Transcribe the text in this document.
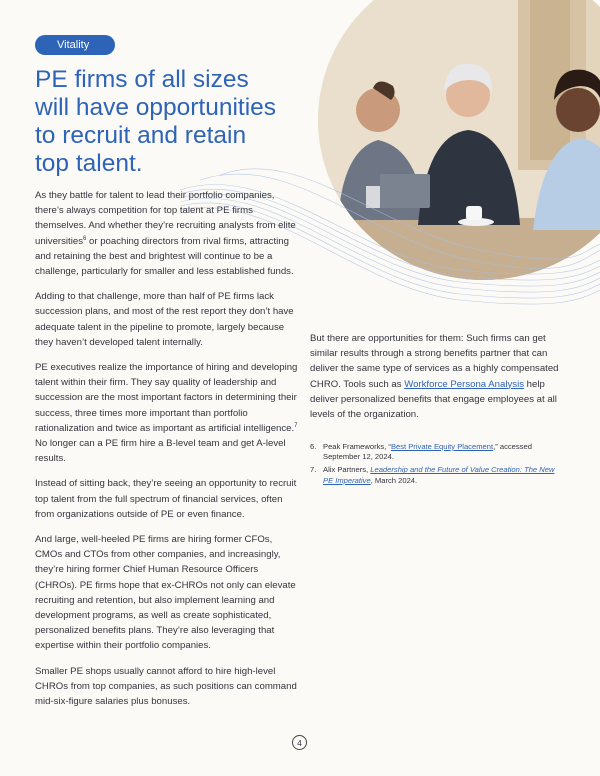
Vitality
PE firms of all sizes
will have opportunities
to recruit and retain
top talent.

As they battle for talent to lead their portfolio companies, there’s always competition for top talent at PE firms themselves. And whether they’re recruiting analysts from elite universities$^6$ or poaching directors from rival firms, attracting and retaining the best and brightest will continue to be a challenge, particularly for smaller and less established funds.

Adding to that challenge, more than half of PE firms lack succession plans, and most of the rest report they don’t have adequate talent in the pipeline to promote, largely because they haven’t developed talent internally.

PE executives realize the importance of hiring and developing talent within their firm. They say quality of leadership and succession are the most important factors in determining their success, three times more important than portfolio rationalization and twice as important as artificial intelligence.$^7$ No longer can a PE firm hire a B-level team and get A-level results.

Instead of sitting back, they’re seeing an opportunity to recruit top talent from the full spectrum of financial services, often from organizations outside of PE or even finance.

And large, well-heeled PE firms are hiring former CFOs, CMOs and CTOs from other companies, and increasingly, they’re hiring former Chief Human Resource Officers (CHROs). PE firms hope that ex-CHROs not only can elevate recruiting and retention, but also implement learning and development programs, as well as create sophisticated, personalized benefits plans. They’re also leveraging that expertise within their portfolio companies.

Smaller PE shops usually cannot afford to hire high-level CHROs from top companies, as such positions can command mid-six-figure salaries plus bonuses.

But there are opportunities for them: Such firms can get similar results through a strong benefits partner that can deliver the same type of services as a highly compensated CHRO. Tools such as Workforce Persona Analysis help deliver personalized benefits that engage employees at all levels of the organization.

6. Peak Frameworks, “Best Private Equity Placement,” accessed September 12, 2024.
7. Alix Partners, Leadership and the Future of Value Creation: The New PE Imperative, March 2024.
4
